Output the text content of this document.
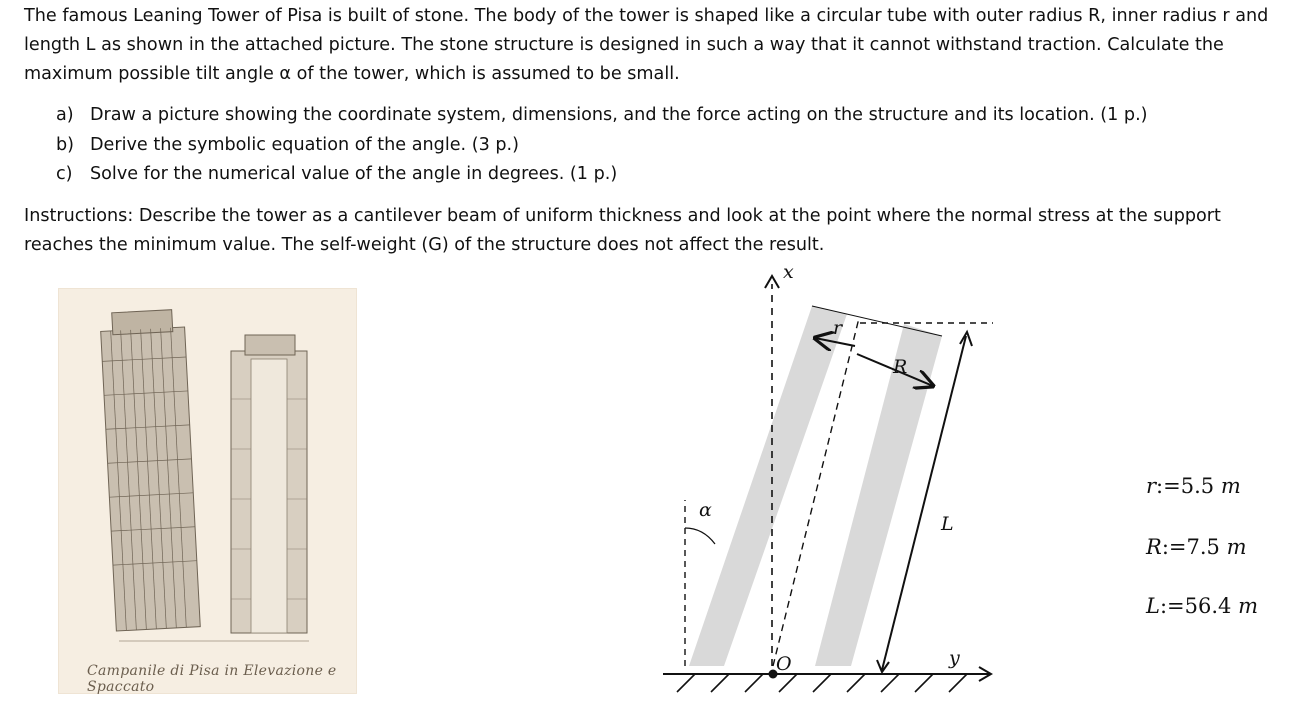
The famous Leaning Tower of Pisa is built of stone. The body of the tower is shaped like a circular tube with outer radius R, inner radius r and length L as shown in the attached picture. The stone structure is designed in such a way that it cannot withstand traction. Calculate the maximum possible tilt angle α of the tower, which is assumed to be small.

a) Draw a picture showing the coordinate system, dimensions, and the force acting on the structure and its location. (1 p.)
b) Derive the symbolic equation of the angle. (3 p.)
c) Solve for the numerical value of the angle in degrees. (1 p.)

Instructions: Describe the tower as a cantilever beam of uniform thickness and look at the point where the normal stress at the support reaches the minimum value. The self-weight (G) of the structure does not affect the result.

Campanile di Pisa in Elevazione e Spaccato
x
r
R
L
α
y
O
r:=5.5 m
R:=7.5 m
L:=56.4 m
